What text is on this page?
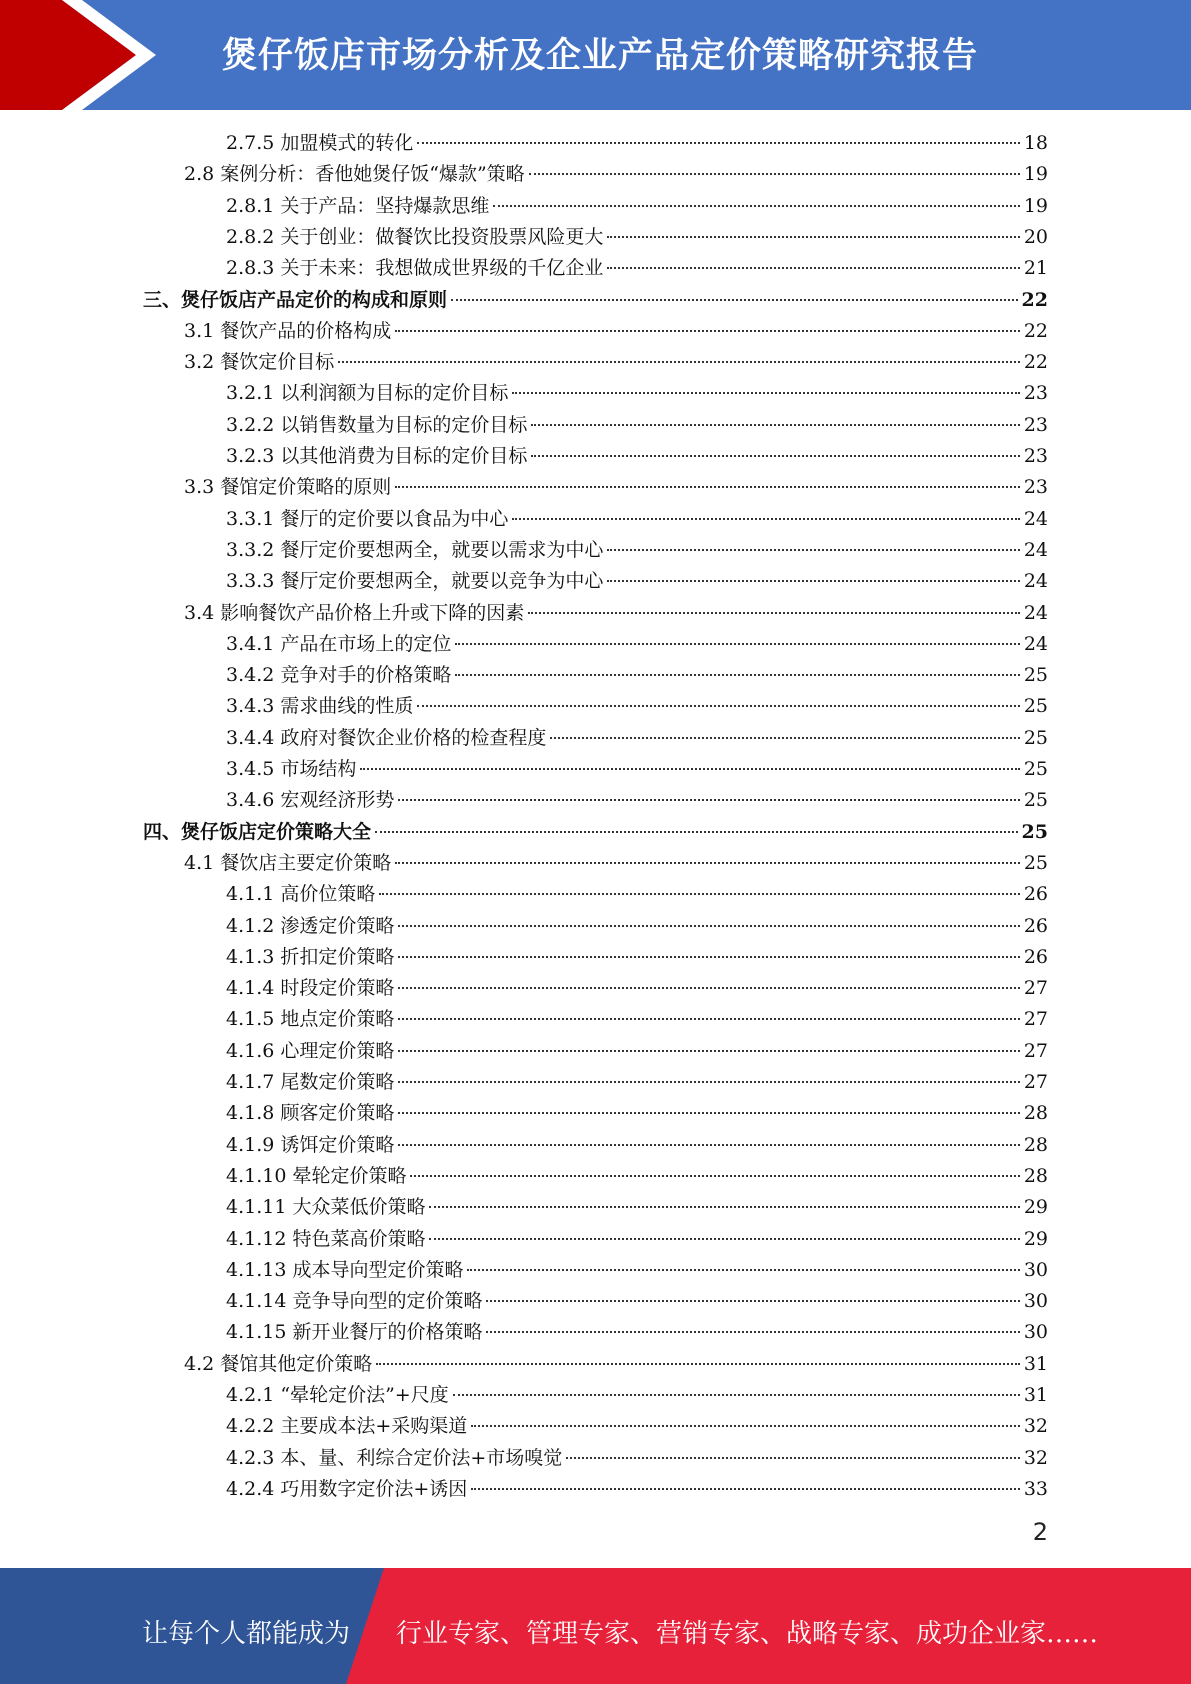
煲仔饭店市场分析及企业产品定价策略研究报告
2.7.5 加盟模式的转化	18
2.8 案例分析：香他她煲仔饭“爆款”策略	19
2.8.1 关于产品：坚持爆款思维	19
2.8.2 关于创业：做餐饮比投资股票风险更大	20
2.8.3 关于未来：我想做成世界级的千亿企业	21
三、煲仔饭店产品定价的构成和原则	22
3.1 餐饮产品的价格构成	22
3.2 餐饮定价目标	22
3.2.1 以利润额为目标的定价目标	23
3.2.2 以销售数量为目标的定价目标	23
3.2.3 以其他消费为目标的定价目标	23
3.3 餐馆定价策略的原则	23
3.3.1 餐厅的定价要以食品为中心	24
3.3.2 餐厅定价要想两全，就要以需求为中心	24
3.3.3 餐厅定价要想两全，就要以竞争为中心	24
3.4 影响餐饮产品价格上升或下降的因素	24
3.4.1 产品在市场上的定位	24
3.4.2 竞争对手的价格策略	25
3.4.3 需求曲线的性质	25
3.4.4 政府对餐饮企业价格的检查程度	25
3.4.5 市场结构	25
3.4.6 宏观经济形势	25
四、煲仔饭店定价策略大全	25
4.1 餐饮店主要定价策略	25
4.1.1 高价位策略	26
4.1.2 渗透定价策略	26
4.1.3 折扣定价策略	26
4.1.4 时段定价策略	27
4.1.5 地点定价策略	27
4.1.6 心理定价策略	27
4.1.7 尾数定价策略	27
4.1.8 顾客定价策略	28
4.1.9 诱饵定价策略	28
4.1.10 晕轮定价策略	28
4.1.11 大众菜低价策略	29
4.1.12 特色菜高价策略	29
4.1.13 成本导向型定价策略	30
4.1.14 竞争导向型的定价策略	30
4.1.15 新开业餐厅的价格策略	30
4.2 餐馆其他定价策略	31
4.2.1 “晕轮定价法”+尺度	31
4.2.2 主要成本法+采购渠道	32
4.2.3 本、量、利综合定价法+市场嗅觉	32
4.2.4 巧用数字定价法+诱因	33
2
让每个人都能成为 行业专家、管理专家、营销专家、战略专家、成功企业家……
